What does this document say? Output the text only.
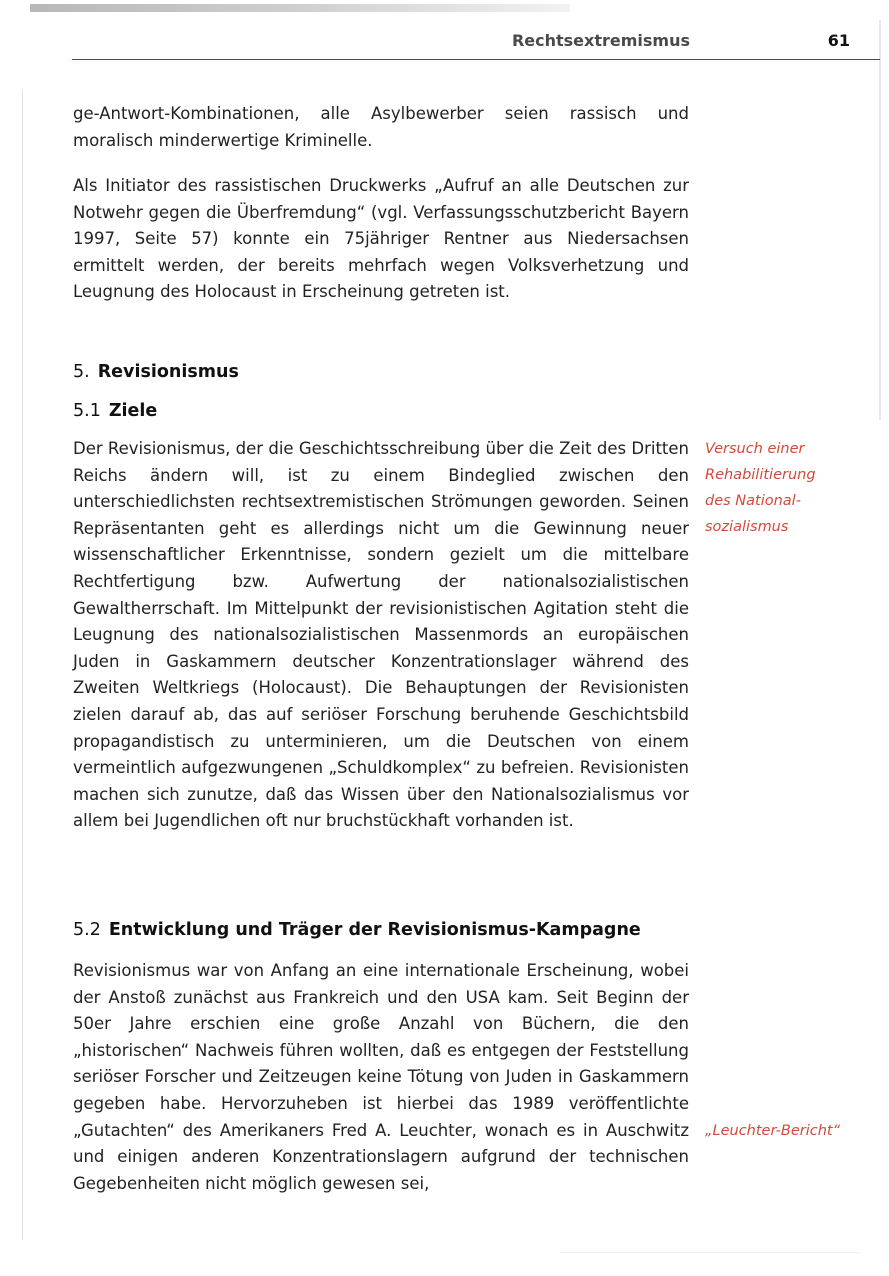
Rechtsextremismus	61

ge-Antwort-Kombinationen, alle Asylbewerber seien rassisch und moralisch minderwertige Kriminelle.

Als Initiator des rassistischen Druckwerks „Aufruf an alle Deutschen zur Notwehr gegen die Überfremdung“ (vgl. Verfassungsschutzbericht Bayern 1997, Seite 57) konnte ein 75jähriger Rentner aus Niedersachsen ermittelt werden, der bereits mehrfach wegen Volksverhetzung und Leugnung des Holocaust in Erscheinung getreten ist.

5. Revisionismus
5.1 Ziele

Der Revisionismus, der die Geschichtsschreibung über die Zeit des Dritten Reichs ändern will, ist zu einem Bindeglied zwischen den unterschiedlichsten rechtsextremistischen Strömungen geworden. Seinen Repräsentanten geht es allerdings nicht um die Gewinnung neuer wissenschaftlicher Erkenntnisse, sondern gezielt um die mittelbare Rechtfertigung bzw. Aufwertung der nationalsozialistischen Gewaltherrschaft. Im Mittelpunkt der revisionistischen Agitation steht die Leugnung des nationalsozialistischen Massenmords an europäischen Juden in Gaskammern deutscher Konzentrationslager während des Zweiten Weltkriegs (Holocaust). Die Behauptungen der Revisionisten zielen darauf ab, das auf seriöser Forschung beruhende Geschichtsbild propagandistisch zu unterminieren, um die Deutschen von einem vermeintlich aufgezwungenen „Schuldkomplex“ zu befreien. Revisionisten machen sich zunutze, daß das Wissen über den Nationalsozialismus vor allem bei Jugendlichen oft nur bruchstückhaft vorhanden ist.

Versuch einer
Rehabilitierung
des National-
sozialismus
5.2 Entwicklung und Träger der Revisionismus-Kampagne

Revisionismus war von Anfang an eine internationale Erscheinung, wobei der Anstoß zunächst aus Frankreich und den USA kam. Seit Beginn der 50er Jahre erschien eine große Anzahl von Büchern, die den „historischen“ Nachweis führen wollten, daß es entgegen der Feststellung seriöser Forscher und Zeitzeugen keine Tötung von Juden in Gaskammern gegeben habe. Hervorzuheben ist hierbei das 1989 veröffentlichte „Gutachten“ des Amerikaners Fred A. Leuchter, wonach es in Auschwitz und einigen anderen Konzentrationslagern aufgrund der technischen Gegebenheiten nicht möglich gewesen sei,

„Leuchter-Bericht“
